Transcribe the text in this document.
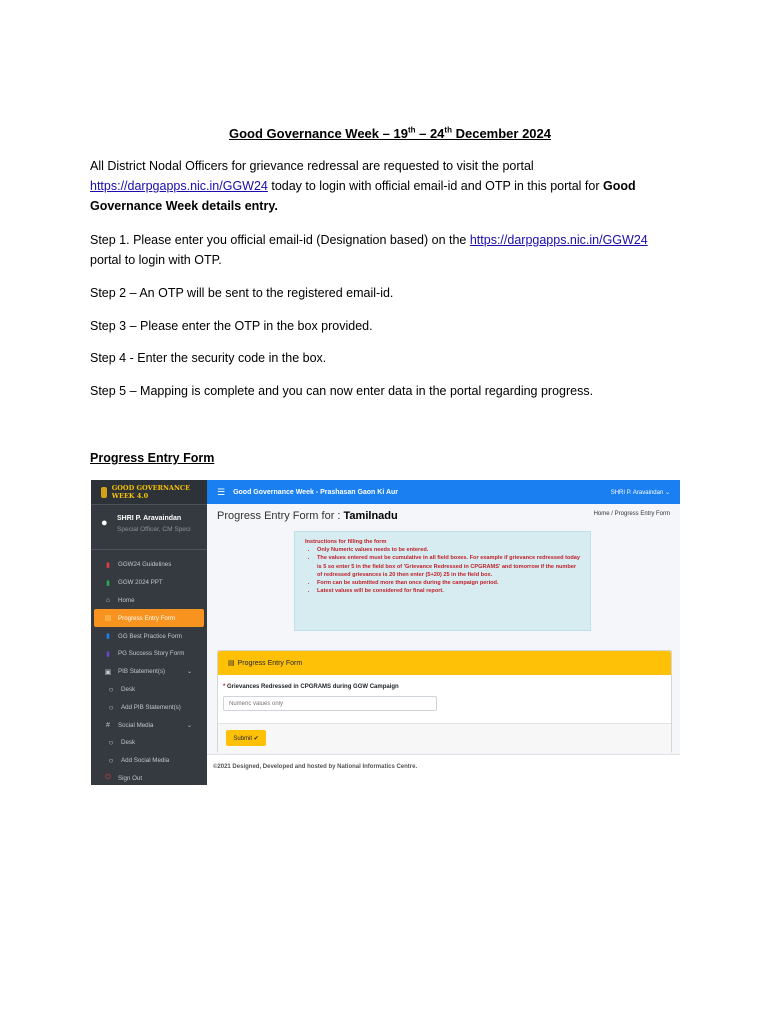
Good Governance Week – 19th – 24th December 2024
All District Nodal Officers for grievance redressal are requested to visit the portal https://darpgapps.nic.in/GGW24 today to login with official email-id and OTP in this portal for Good Governance Week details entry.
Step 1. Please enter you official email-id (Designation based) on the https://darpgapps.nic.in/GGW24 portal to login with OTP.
Step 2 – An OTP will be sent to the registered email-id.
Step 3 – Please enter the OTP in the box provided.
Step 4 - Enter the security code in the box.
Step 5 – Mapping is complete and you can now enter data in the portal regarding progress.
Progress Entry Form
GOOD GOVERNANCE WEEK 4.0
● SHRI P. Aravaindan
Special Officer, CM Speci
▮	GGW24 Guidelines
▮	GGW 2024 PPT
⌂	Home
▤ Progress Entry Form
▮	GG Best Practice Form
▮	PG Success Story Form
▣ PIB Statement(s)	⌄
○	Desk
○	Add PIB Statement(s)
#	Social Media	⌄
○	Desk
○	Add Social Media
⏻	Sign Out
☰ Good Governance Week - Prashasan Gaon Ki Aur	SHRI P. Aravaindan ⌄
Progress Entry Form for : Tamilnadu	Home / Progress Entry Form
Instructions for filling the form
• Only Numeric values needs to be entered.
• The values entered must be cumulative in all field boxes. For example if grievance redressed today is 5 so enter 5 in the field box of 'Grievance Redressed in CPGRAMS' and tomorrow if the number of redressed grievances is 20 then enter (5+20) 25 in the field box.
• Form can be submitted more than once during the campaign period.
• Latest values will be considered for final report.
▤ Progress Entry Form
* Grievances Redressed in CPGRAMS during GGW Campaign
Numeric values only
Submit ✔
©2021 Designed, Developed and hosted by National Informatics Centre.
